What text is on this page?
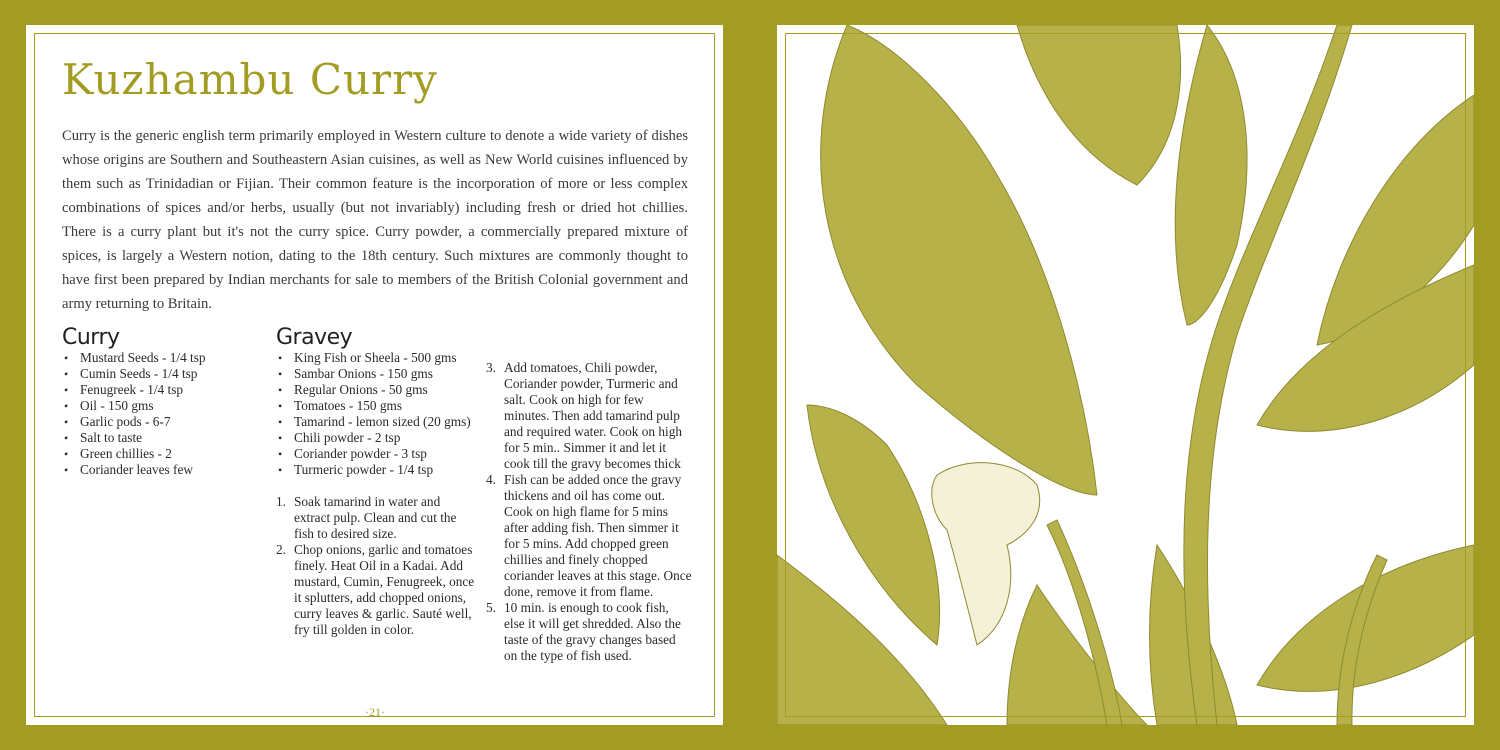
Kuzhambu Curry

Curry is the generic english term primarily employed in Western culture to denote a wide variety of dishes whose origins are Southern and Southeastern Asian cuisines, as well as New World cuisines influenced by them such as Trinidadian or Fijian. Their common feature is the incorporation of more or less complex combinations of spices and/or herbs, usually (but not invariably) including fresh or dried hot chillies. There is a curry plant but it's not the curry spice. Curry powder, a commercially prepared mixture of spices, is largely a Western notion, dating to the 18th century. Such mixtures are commonly thought to have first been prepared by Indian merchants for sale to members of the British Colonial government and army returning to Britain.

Curry
• Mustard Seeds - 1/4 tsp
• Cumin Seeds - 1/4 tsp
• Fenugreek - 1/4 tsp
• Oil - 150 gms
• Garlic pods - 6-7
• Salt to taste
• Green chillies - 2
• Coriander leaves few
Gravey
• King Fish or Sheela - 500 gms
• Sambar Onions - 150 gms
• Regular Onions - 50 gms
• Tomatoes - 150 gms
• Tamarind - lemon sized (20 gms)
• Chili powder - 2 tsp
• Coriander powder - 3 tsp
• Turmeric powder - 1/4 tsp
1. Soak tamarind in water and extract pulp. Clean and cut the fish to desired size.
2. Chop onions, garlic and tomatoes finely. Heat Oil in a Kadai. Add mustard, Cumin, Fenugreek, once it splutters, add chopped onions, curry leaves & garlic. Sauté well, fry till golden in color.
3. Add tomatoes, Chili powder, Coriander powder, Turmeric and salt. Cook on high for few minutes. Then add tamarind pulp and required water. Cook on high for 5 min.. Simmer it and let it cook till the gravy becomes thick
4. Fish can be added once the gravy thickens and oil has come out. Cook on high flame for 5 mins after adding fish. Then simmer it for 5 mins. Add chopped green chillies and finely chopped coriander leaves at this stage. Once done, remove it from flame.
5. 10 min. is enough to cook fish, else it will get shredded. Also the taste of the gravy changes based on the type of fish used.
·21·	·22·
